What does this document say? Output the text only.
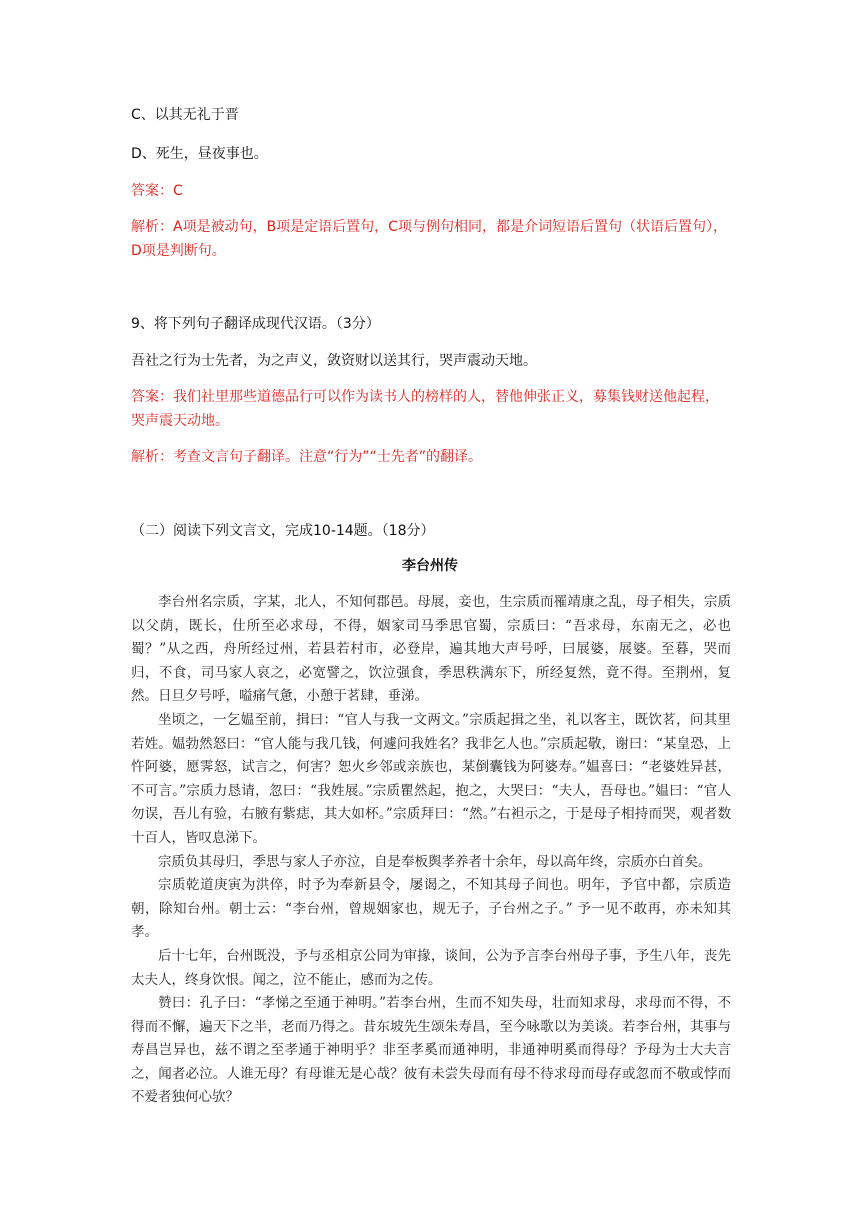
C、以其无礼于晋
D、死生，昼夜事也。
答案：C
解析：A项是被动句，B项是定语后置句，C项与例句相同，都是介词短语后置句（状语后置句），D项是判断句。
9、将下列句子翻译成现代汉语。（3分）
吾社之行为士先者，为之声义，敛资财以送其行，哭声震动天地。
答案：我们社里那些道德品行可以作为读书人的榜样的人，替他伸张正义，募集钱财送他起程，哭声震天动地。
解析：考查文言句子翻译。注意“行为”“士先者”的翻译。
（二）阅读下列文言文，完成10-14题。（18分）
李台州传

李台州名宗质，字某，北人，不知何郡邑。母展，妾也，生宗质而罹靖康之乱，母子相失，宗质以父荫，既长，仕所至必求母，不得，姻家司马季思官蜀，宗质曰：“吾求母，东南无之，必也蜀？”从之西，舟所经过州，若县若村市，必登岸，遍其地大声号呼，曰展婆，展婆。至暮，哭而归，不食，司马家人哀之，必宽譬之，饮泣强食，季思秩满东下，所经复然，竟不得。至荆州，复然。日旦夕号呼，嗌痛气惫，小憩于茗肆，垂涕。

坐顷之，一乞媪至前，揖曰：“官人与我一文两文。”宗质起揖之坐，礼以客主，既饮茗，问其里若姓。媪勃然怒曰：“官人能与我几钱，何遽问我姓名？我非乞人也。”宗质起敬，谢曰：“某皇恐，上忤阿婆，愿霁怒，试言之，何害？恕火乡邻或亲族也，某倒囊钱为阿婆寿。”媪喜曰：“老婆姓异甚，不可言。”宗质力恳请，忽曰：“我姓展。”宗质瞿然起，抱之，大哭曰：“夫人，吾母也。”媪曰：“官人勿误，吾儿有验，右腋有紫痣，其大如杯。”宗质拜曰：“然。”右袒示之，于是母子相持而哭，观者数十百人，皆叹息涕下。

宗质负其母归，季思与家人子亦泣，自是奉板舆孝养者十余年，母以高年终，宗质亦白首矣。

宗质乾道庚寅为洪倅，时予为奉新县令，屡谒之，不知其母子间也。明年，予官中都，宗质造朝，除知台州。朝士云：“李台州，曾规姻家也，规无子，子台州之子。” 予一见不敢再，亦未知其孝。

后十七年，台州既没，予与丞相京公同为审掾，谈间，公为予言李台州母子事，予生八年，丧先太夫人，终身饮恨。闻之，泣不能止，感而为之传。

赞曰：孔子曰：“孝悌之至通于神明。”若李台州，生而不知失母，壮而知求母，求母而不得，不得而不懈，遍天下之半，老而乃得之。昔东坡先生颂朱寿昌，至今咏歌以为美谈。若李台州，其事与寿昌岂异也，兹不谓之至孝通于神明乎？非至孝奚而通神明，非通神明奚而得母？予母为士大夫言之，闻者必泣。人谁无母？有母谁无是心哉？彼有未尝失母而有母不待求母而母存或忽而不敬或悖而不爱者独何心欤？
